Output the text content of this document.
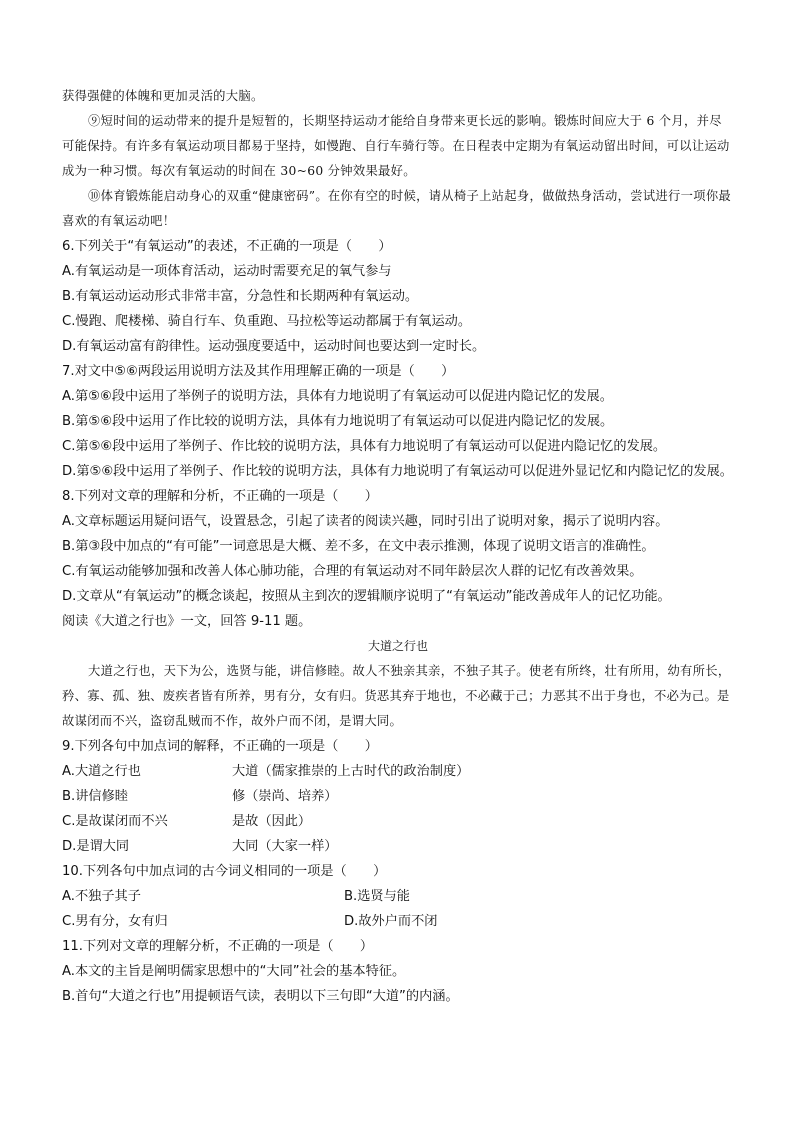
获得强健的体魄和更加灵活的大脑。

⑨短时间的运动带来的提升是短暂的，长期坚持运动才能给自身带来更长远的影响。锻炼时间应大于 6 个月，并尽可能保持。有许多有氧运动项目都易于坚持，如慢跑、自行车骑行等。在日程表中定期为有氧运动留出时间，可以让运动成为一种习惯。每次有氧运动的时间在 30~60 分钟效果最好。

⑩体育锻炼能启动身心的双重“健康密码”。在你有空的时候，请从椅子上站起身，做做热身活动，尝试进行一项你最喜欢的有氧运动吧！

6.下列关于“有氧运动”的表述，不正确的一项是（　　）

A.有氧运动是一项体育活动，运动时需要充足的氧气参与

B.有氧运动运动形式非常丰富，分急性和长期两种有氧运动。

C.慢跑、爬楼梯、骑自行车、负重跑、马拉松等运动都属于有氧运动。

D.有氧运动富有韵律性。运动强度要适中，运动时间也要达到一定时长。

7.对文中⑤⑥两段运用说明方法及其作用理解正确的一项是（　　）

A.第⑤⑥段中运用了举例子的说明方法，具体有力地说明了有氧运动可以促进内隐记忆的发展。

B.第⑤⑥段中运用了作比较的说明方法，具体有力地说明了有氧运动可以促进内隐记忆的发展。

C.第⑤⑥段中运用了举例子、作比较的说明方法，具体有力地说明了有氧运动可以促进内隐记忆的发展。

D.第⑤⑥段中运用了举例子、作比较的说明方法，具体有力地说明了有氧运动可以促进外显记忆和内隐记忆的发展。

8.下列对文章的理解和分析，不正确的一项是（　　）

A.文章标题运用疑问语气，设置悬念，引起了读者的阅读兴趣，同时引出了说明对象，揭示了说明内容。

B.第③段中加点的“有可能”一词意思是大概、差不多，在文中表示推测，体现了说明文语言的准确性。

C.有氧运动能够加强和改善人体心肺功能，合理的有氧运动对不同年龄层次人群的记忆有改善效果。

D.文章从“有氧运动”的概念谈起，按照从主到次的逻辑顺序说明了“有氧运动”能改善成年人的记忆功能。

阅读《大道之行也》一文，回答 9-11 题。

大道之行也

大道之行也，天下为公，选贤与能，讲信修睦。故人不独亲其亲，不独子其子。使老有所终，壮有所用，幼有所长，矜、寡、孤、独、废疾者皆有所养，男有分，女有归。货恶其弃于地也，不必藏于己；力恶其不出于身也，不必为己。是故谋闭而不兴，盗窃乱贼而不作，故外户而不闭，是谓大同。

9.下列各句中加点词的解释，不正确的一项是（　　）

A.大道之行也	大道（儒家推崇的上古时代的政治制度）
B.讲信修睦	修（崇尚、培养）
C.是故谋闭而不兴	是故（因此）
D.是谓大同	大同（大家一样）

10.下列各句中加点词的古今词义相同的一项是（　　）

A.不独子其子	B.选贤与能
C.男有分，女有归	D.故外户而不闭

11.下列对文章的理解分析，不正确的一项是（　　）

A.本文的主旨是阐明儒家思想中的“大同”社会的基本特征。

B.首句“大道之行也”用提顿语气读，表明以下三句即“大道”的内涵。
